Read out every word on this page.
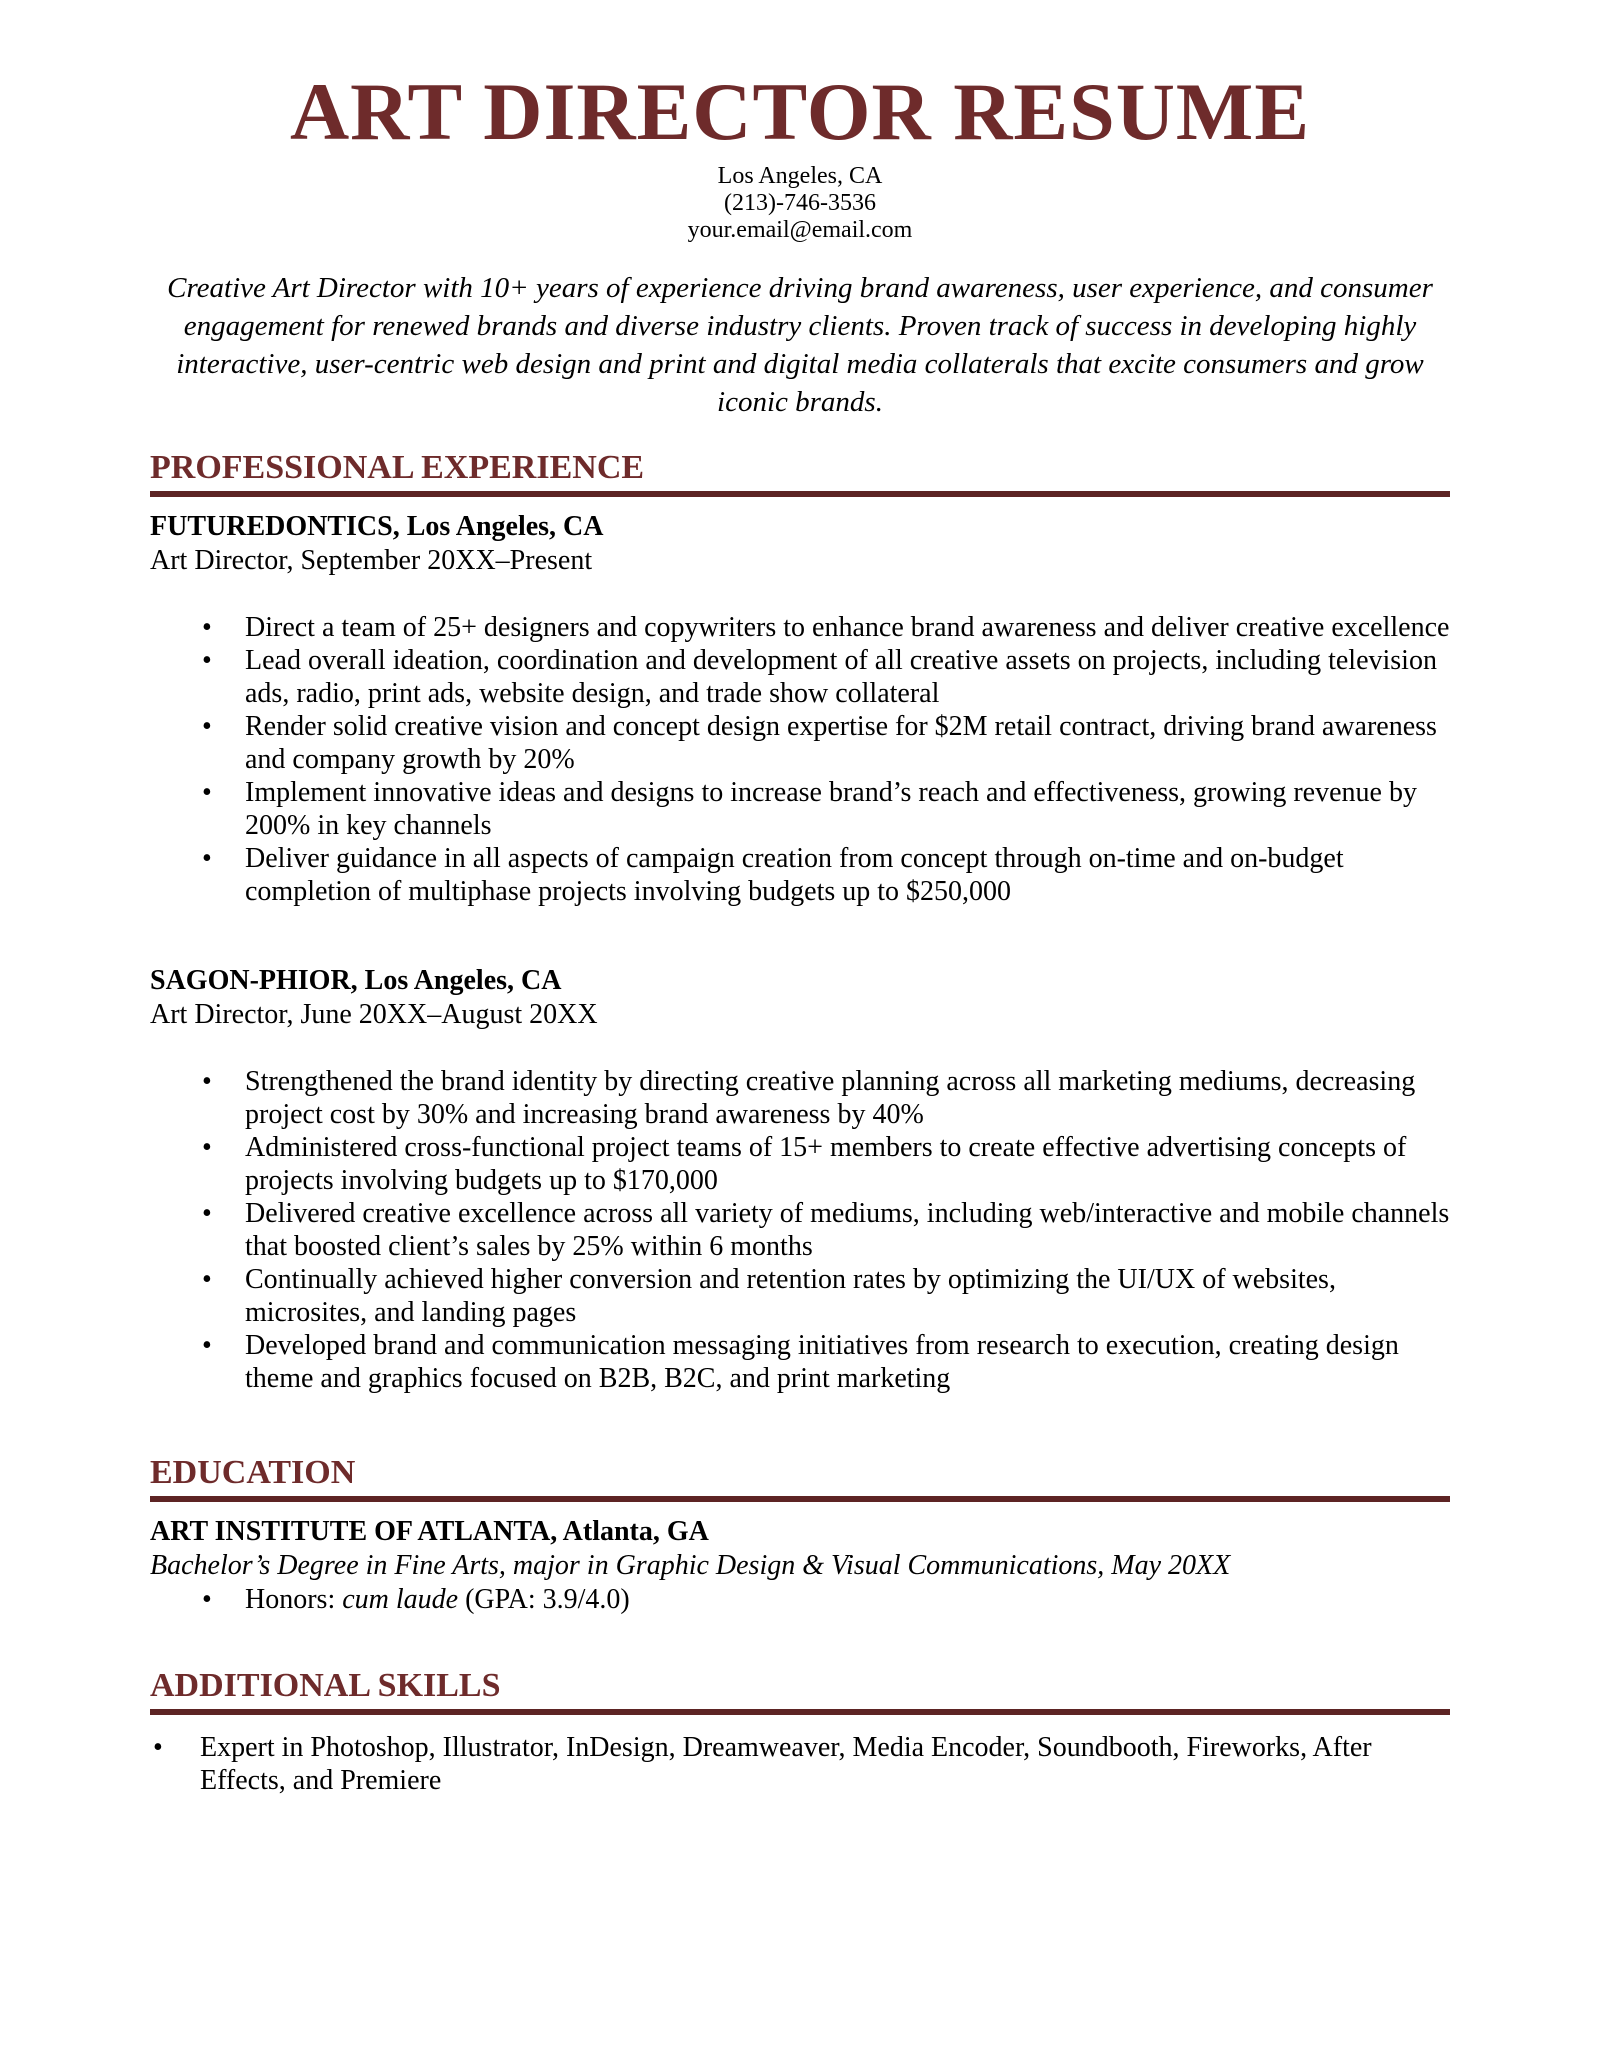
ART DIRECTOR RESUME
Los Angeles, CA
(213)-746-3536
your.email@email.com

Creative Art Director with 10+ years of experience driving brand awareness, user experience, and consumer engagement for renewed brands and diverse industry clients. Proven track of success in developing highly interactive, user-centric web design and print and digital media collaterals that excite consumers and grow iconic brands.

PROFESSIONAL EXPERIENCE

FUTUREDONTICS, Los Angeles, CA

Art Director, September 20XX–Present

• Direct a team of 25+ designers and copywriters to enhance brand awareness and deliver creative excellence
• Lead overall ideation, coordination and development of all creative assets on projects, including television ads, radio, print ads, website design, and trade show collateral
• Render solid creative vision and concept design expertise for $2M retail contract, driving brand awareness and company growth by 20%
• Implement innovative ideas and designs to increase brand’s reach and effectiveness, growing revenue by 200% in key channels
• Deliver guidance in all aspects of campaign creation from concept through on-time and on-budget completion of multiphase projects involving budgets up to $250,000

SAGON-PHIOR, Los Angeles, CA

Art Director, June 20XX–August 20XX

• Strengthened the brand identity by directing creative planning across all marketing mediums, decreasing project cost by 30% and increasing brand awareness by 40%
• Administered cross-functional project teams of 15+ members to create effective advertising concepts of projects involving budgets up to $170,000
• Delivered creative excellence across all variety of mediums, including web/interactive and mobile channels that boosted client’s sales by 25% within 6 months
• Continually achieved higher conversion and retention rates by optimizing the UI/UX of websites, microsites, and landing pages
• Developed brand and communication messaging initiatives from research to execution, creating design theme and graphics focused on B2B, B2C, and print marketing
EDUCATION

ART INSTITUTE OF ATLANTA, Atlanta, GA

Bachelor’s Degree in Fine Arts, major in Graphic Design & Visual Communications, May 20XX

• Honors: cum laude (GPA: 3.9/4.0)
ADDITIONAL SKILLS
• Expert in Photoshop, Illustrator, InDesign, Dreamweaver, Media Encoder, Soundbooth, Fireworks, After Effects, and Premiere
